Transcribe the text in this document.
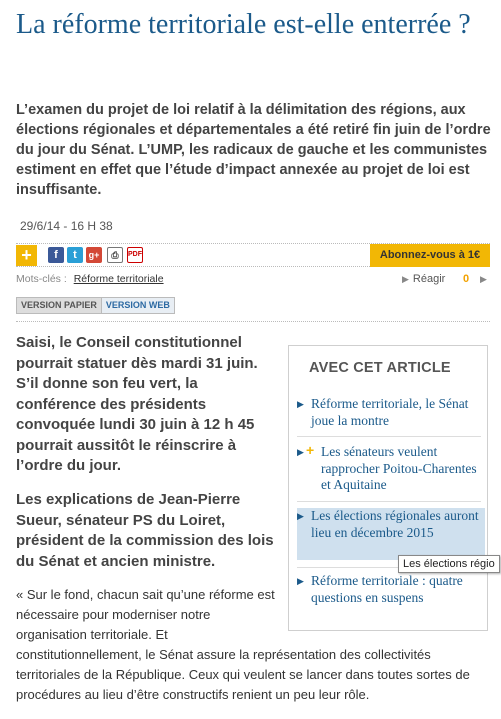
La réforme territoriale est-elle enterrée ?

L’examen du projet de loi relatif à la délimitation des régions, aux élections régionales et départementales a été retiré fin juin de l’ordre du jour du Sénat. L’UMP, les radicaux de gauche et les communistes estiment en effet que l’étude d’impact annexée au projet de loi est insuffisante.

29/6/14 - 16 H 38
+	f	t	g+	⎙	PDF	Abonnez-vous à 1€
Mots-clés : Réforme territoriale	▶ Réagir 0 ▶
VERSION PAPIER	VERSION WEB

Saisi, le Conseil constitutionnel pourrait statuer dès mardi 31 juin. S’il donne son feu vert, la conférence des présidents convoquée lundi 30 juin à 12 h 45 pourrait aussitôt le réinscrire à l’ordre du jour.

Les explications de Jean-Pierre Sueur, sénateur PS du Loiret, président de la commission des lois du Sénat et ancien ministre.

« Sur le fond, chacun sait qu’une réforme est nécessaire pour moderniser notre organisation territoriale. Et

constitutionnellement, le Sénat assure la représentation des collectivités territoriales de la République. Ceux qui veulent se lancer dans toutes sortes de procédures au lieu d’être constructifs renient un peu leur rôle.

AVEC CET ARTICLE
▶ Réforme territoriale, le Sénat joue la montre
▶ + Les sénateurs veulent rapprocher Poitou-Charentes et Aquitaine
▶ Les élections régionales auront lieu en décembre 2015
▶ Réforme territoriale : quatre questions en suspens
Les élections régio
